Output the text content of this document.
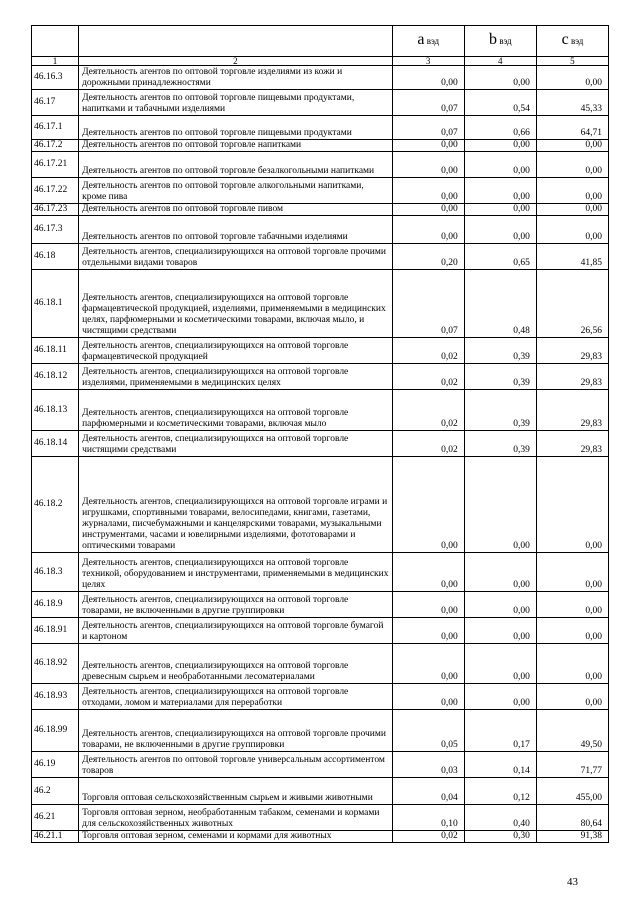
		a вэд	b вэд	c вэд
1	2	3	4	5
46.16.3	Деятельность агентов по оптовой торговле изделиями из кожи и дорожными принадлежностями	0,00	0,00	0,00
46.17	Деятельность агентов по оптовой торговле пищевыми продуктами, напитками и табачными изделиями	0,07	0,54	45,33
46.17.1	Деятельность агентов по оптовой торговле пищевыми продуктами	0,07	0,66	64,71
46.17.2	Деятельность агентов по оптовой торговле напитками	0,00	0,00	0,00
46.17.21	Деятельность агентов по оптовой торговле безалкогольными напитками	0,00	0,00	0,00
46.17.22	Деятельность агентов по оптовой торговле алкогольными напитками, кроме пива	0,00	0,00	0,00
46.17.23	Деятельность агентов по оптовой торговле пивом	0,00	0,00	0,00
46.17.3	Деятельность агентов по оптовой торговле табачными изделиями	0,00	0,00	0,00
46.18	Деятельность агентов, специализирующихся на оптовой торговле прочими отдельными видами товаров	0,20	0,65	41,85
46.18.1	Деятельность агентов, специализирующихся на оптовой торговле фармацевтической продукцией, изделиями, применяемыми в медицинских целях, парфюмерными и косметическими товарами, включая мыло, и чистящими средствами	0,07	0,48	26,56
46.18.11	Деятельность агентов, специализирующихся на оптовой торговле фармацевтической продукцией	0,02	0,39	29,83
46.18.12	Деятельность агентов, специализирующихся на оптовой торговле изделиями, применяемыми в медицинских целях	0,02	0,39	29,83
46.18.13	Деятельность агентов, специализирующихся на оптовой торговле парфюмерными и косметическими товарами, включая мыло	0,02	0,39	29,83
46.18.14	Деятельность агентов, специализирующихся на оптовой торговле чистящими средствами	0,02	0,39	29,83
46.18.2	Деятельность агентов, специализирующихся на оптовой торговле играми и игрушками, спортивными товарами, велосипедами, книгами, газетами, журналами, писчебумажными и канцелярскими товарами, музыкальными инструментами, часами и ювелирными изделиями, фототоварами и оптическими товарами	0,00	0,00	0,00
46.18.3	Деятельность агентов, специализирующихся на оптовой торговле техникой, оборудованием и инструментами, применяемыми в медицинских целях	0,00	0,00	0,00
46.18.9	Деятельность агентов, специализирующихся на оптовой торговле товарами, не включенными в другие группировки	0,00	0,00	0,00
46.18.91	Деятельность агентов, специализирующихся на оптовой торговле бумагой и картоном	0,00	0,00	0,00
46.18.92	Деятельность агентов, специализирующихся на оптовой торговле древесным сырьем и необработанными лесоматериалами	0,00	0,00	0,00
46.18.93	Деятельность агентов, специализирующихся на оптовой торговле отходами, ломом и материалами для переработки	0,00	0,00	0,00
46.18.99	Деятельность агентов, специализирующихся на оптовой торговле прочими товарами, не включенными в другие группировки	0,05	0,17	49,50
46.19	Деятельность агентов по оптовой торговле универсальным ассортиментом товаров	0,03	0,14	71,77
46.2	Торговля оптовая сельскохозяйственным сырьем и живыми животными	0,04	0,12	455,00
46.21	Торговля оптовая зерном, необработанным табаком, семенами и кормами для сельскохозяйственных животных	0,10	0,40	80,64
46.21.1	Торговля оптовая зерном, семенами и кормами для животных	0,02	0,30	91,38
43
